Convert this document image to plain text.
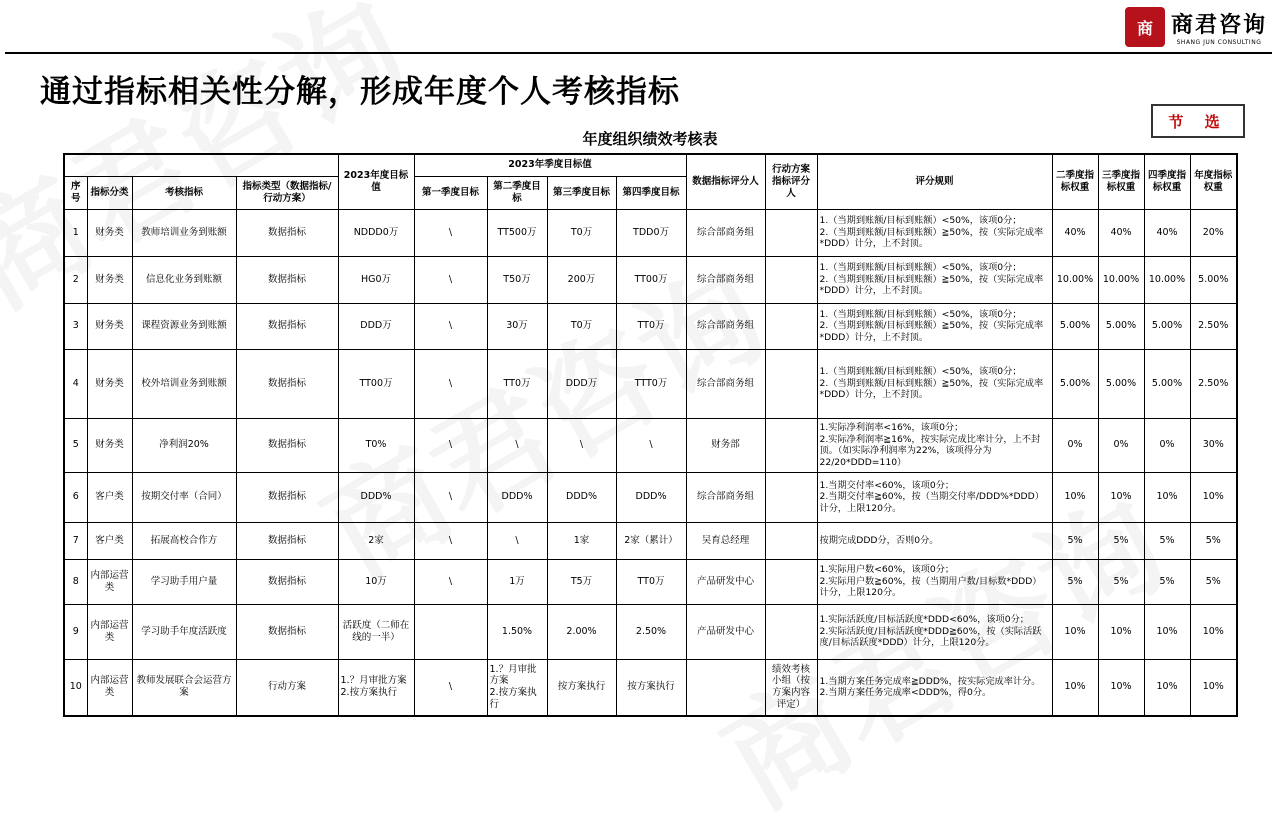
商 商君咨询
SHANG JUN CONSULTING
通过指标相关性分解，形成年度个人考核指标
节 选
年度组织绩效考核表
				2023年度目标值	2023年季度目标值				数据指标评分人	行动方案指标评分人	评分规则	二季度指标权重	三季度指标权重	四季度指标权重	年度指标权重
序号	指标分类	考核指标	指标类型（数据指标/行动方案）		第一季度目标	第二季度目标	第三季度目标	第四季度目标							
1	财务类	教师培训业务到账额	数据指标	NDDD0万	\	TT500万	T0万	TDD0万	综合部商务组		1.（当期到账额/目标到账额）<50%，该项0分；
2.（当期到账额/目标到账额）≧50%，按（实际完成率*DDD）计分，上不封顶。	40%	40%	40%	20%
2	财务类	信息化业务到账额	数据指标	HG0万	\	T50万	200万	TT00万	综合部商务组		1.（当期到账额/目标到账额）<50%，该项0分；
2.（当期到账额/目标到账额）≧50%，按（实际完成率*DDD）计分，上不封顶。	10.00%	10.00%	10.00%	5.00%
3	财务类	课程资源业务到账额	数据指标	DDD万	\	30万	T0万	TT0万	综合部商务组		1.（当期到账额/目标到账额）<50%，该项0分；
2.（当期到账额/目标到账额）≧50%，按（实际完成率*DDD）计分，上不封顶。	5.00%	5.00%	5.00%	2.50%
4	财务类	校外培训业务到账额	数据指标	TT00万	\	TT0万	DDD万	TTT0万	综合部商务组		1.（当期到账额/目标到账额）<50%，该项0分；
2.（当期到账额/目标到账额）≧50%，按（实际完成率*DDD）计分，上不封顶。	5.00%	5.00%	5.00%	2.50%
5	财务类	净利润20%	数据指标	T0%	\	\	\	\	财务部		1.实际净利润率<16%，该项0分；
2.实际净利润率≧16%，按实际完成比率计分，上不封顶。（如实际净利润率为22%，该项得分为22/20*DDD=110）	0%	0%	0%	30%
6	客户类	按期交付率（合同）	数据指标	DDD%	\	DDD%	DDD%	DDD%	综合部商务组		1.当期交付率<60%，该项0分；
2.当期交付率≧60%，按（当期交付率/DDD%*DDD）计分，上限120分。	10%	10%	10%	10%
7	客户类	拓展高校合作方	数据指标	2家	\	\	1家	2家（累计）	吴育总经理		按期完成DDD分，否则0分。	5%	5%	5%	5%
8	内部运营类	学习助手用户量	数据指标	10万	\	1万	T5万	TT0万	产品研发中心		1.实际用户数<60%，该项0分；
2.实际用户数≧60%，按（当期用户数/目标数*DDD）计分，上限120分。	5%	5%	5%	5%
9	内部运营类	学习助手年度活跃度	数据指标	活跃度（二师在线的一半）		1.50%	2.00%	2.50%	产品研发中心		1.实际活跃度/目标活跃度*DDD<60%，该项0分；
2.实际活跃度/目标活跃度*DDD≧60%，按（实际活跃度/目标活跃度*DDD）计分，上限120分。	10%	10%	10%	10%
10	内部运营类	教师发展联合会运营方案	行动方案	1.？月审批方案
2.按方案执行	\	1.？月审批方案
2.按方案执行	按方案执行	按方案执行		绩效考核小组（按方案内容评定）	1.当期方案任务完成率≧DDD%，按实际完成率计分。
2.当期方案任务完成率<DDD%，得0分。	10%	10%	10%	10%
